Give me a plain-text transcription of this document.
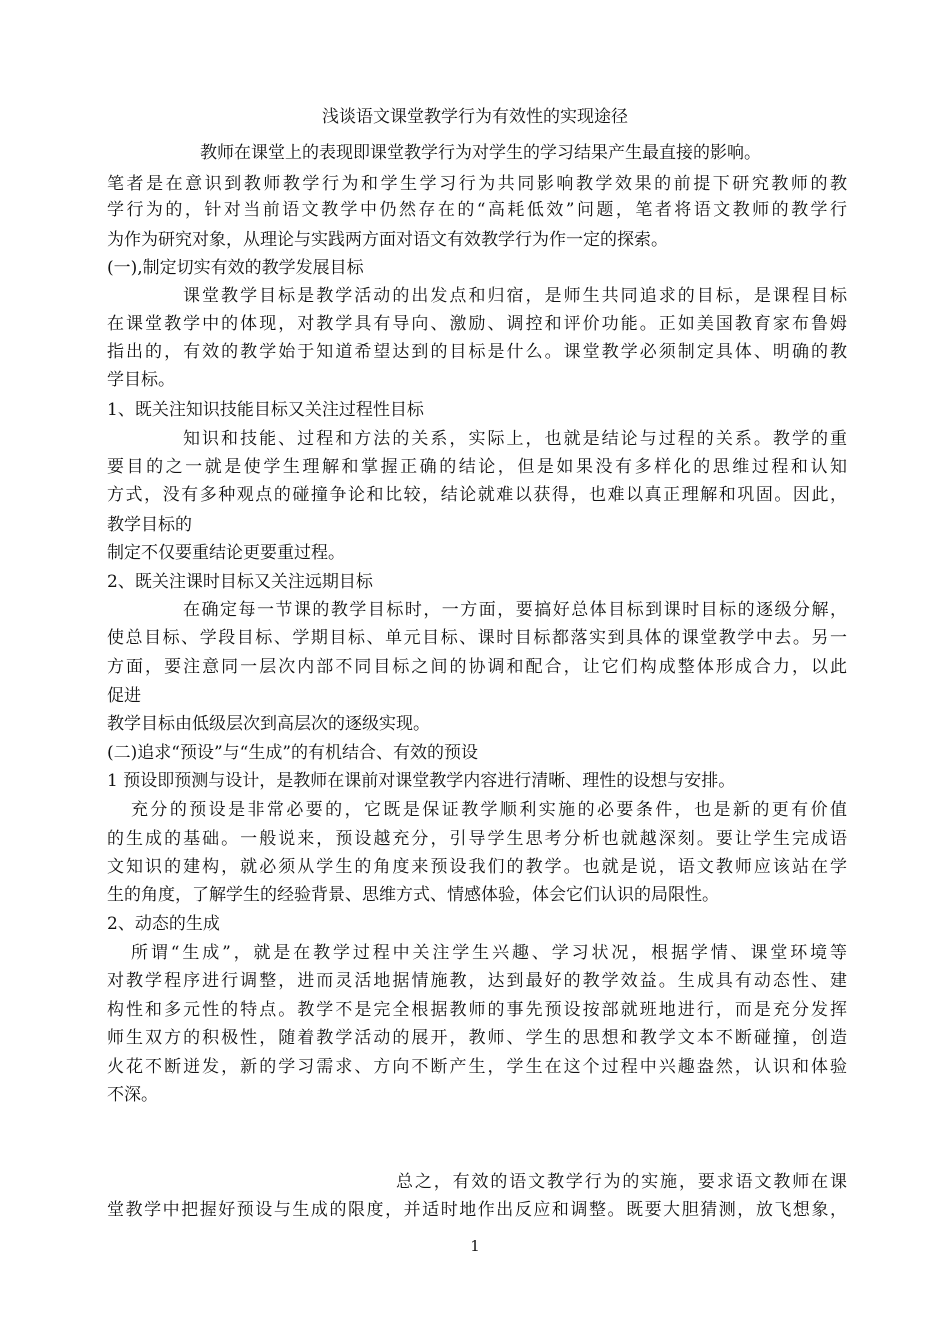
浅谈语文课堂教学行为有效性的实现途径
教师在课堂上的表现即课堂教学行为对学生的学习结果产生最直接的影响。
笔者是在意识到教师教学行为和学生学习行为共同影响教学效果的前提下研究教师的教
学行为的，针对当前语文教学中仍然存在的“高耗低效”问题，笔者将语文教师的教学行
为作为研究对象，从理论与实践两方面对语文有效教学行为作一定的探索。
(一),制定切实有效的教学发展目标
课堂教学目标是教学活动的出发点和归宿，是师生共同追求的目标，是课程目标
在课堂教学中的体现，对教学具有导向、激励、调控和评价功能。正如美国教育家布鲁姆
指出的，有效的教学始于知道希望达到的目标是什么。课堂教学必须制定具体、明确的教
学目标。
1、既关注知识技能目标又关注过程性目标
知识和技能、过程和方法的关系，实际上，也就是结论与过程的关系。教学的重
要目的之一就是使学生理解和掌握正确的结论，但是如果没有多样化的思维过程和认知
方式，没有多种观点的碰撞争论和比较，结论就难以获得，也难以真正理解和巩固。因此，
教学目标的
制定不仅要重结论更要重过程。
2、既关注课时目标又关注远期目标
在确定每一节课的教学目标时，一方面，要搞好总体目标到课时目标的逐级分解，
使总目标、学段目标、学期目标、单元目标、课时目标都落实到具体的课堂教学中去。另一
方面，要注意同一层次内部不同目标之间的协调和配合，让它们构成整体形成合力，以此
促进
教学目标由低级层次到高层次的逐级实现。
(二)追求“预设”与“生成”的有机结合、有效的预设
1 预设即预测与设计，是教师在课前对课堂教学内容进行清晰、理性的设想与安排。
充分的预设是非常必要的，它既是保证教学顺利实施的必要条件，也是新的更有价值
的生成的基础。一般说来，预设越充分，引导学生思考分析也就越深刻。要让学生完成语
文知识的建构，就必须从学生的角度来预设我们的教学。也就是说，语文教师应该站在学
生的角度，了解学生的经验背景、思维方式、情感体验，体会它们认识的局限性。
2、动态的生成
所谓“生成”，就是在教学过程中关注学生兴趣、学习状况，根据学情、课堂环境等
对教学程序进行调整，进而灵活地据情施教，达到最好的教学效益。生成具有动态性、建
构性和多元性的特点。教学不是完全根据教师的事先预设按部就班地进行，而是充分发挥
师生双方的积极性，随着教学活动的展开，教师、学生的思想和教学文本不断碰撞，创造
火花不断迸发，新的学习需求、方向不断产生，学生在这个过程中兴趣盎然，认识和体验
不深。
总之，有效的语文教学行为的实施，要求语文教师在课
堂教学中把握好预设与生成的限度，并适时地作出反应和调整。既要大胆猜测，放飞想象，
1
